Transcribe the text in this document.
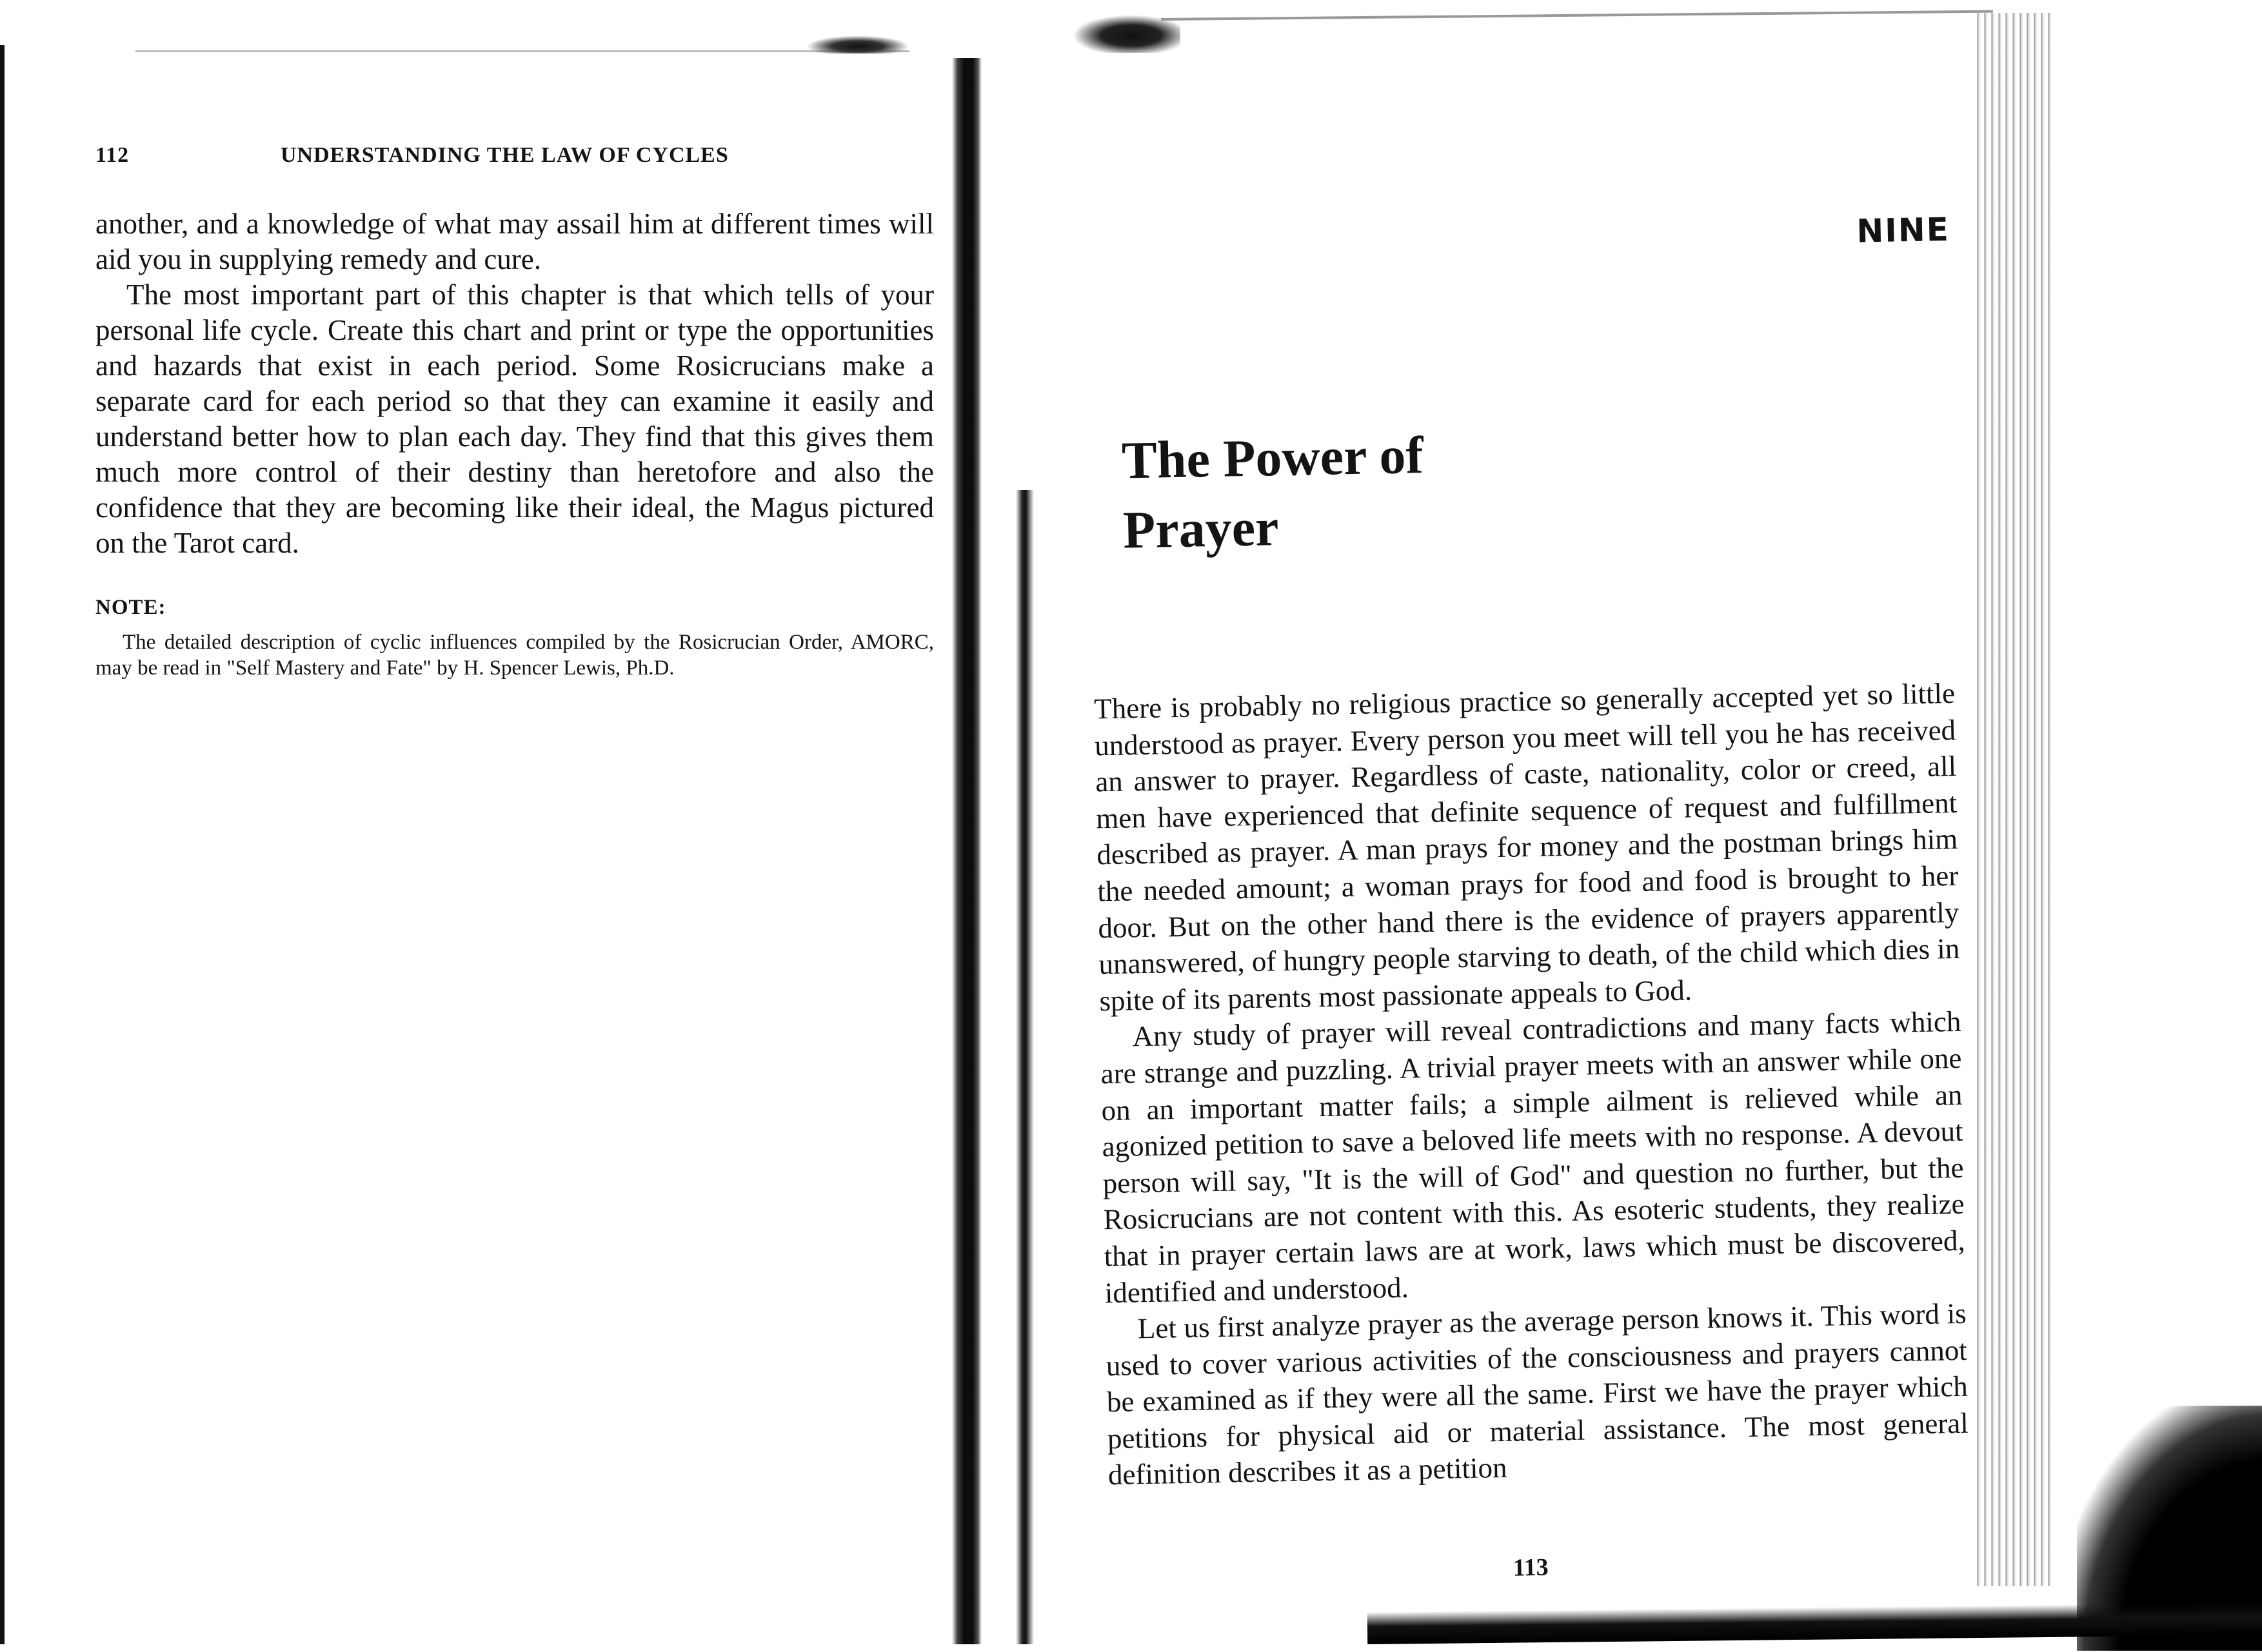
112	UNDERSTANDING THE LAW OF CYCLES

another, and a knowledge of what may assail him at different times will aid you in supplying remedy and cure.

The most important part of this chapter is that which tells of your personal life cycle. Create this chart and print or type the opportunities and hazards that exist in each period. Some Rosicrucians make a separate card for each period so that they can examine it easily and understand better how to plan each day. They find that this gives them much more control of their destiny than heretofore and also the confidence that they are becoming like their ideal, the Magus pictured on the Tarot card.

NOTE:
The detailed description of cyclic influences compiled by the Rosicrucian Order, AMORC, may be read in "Self Mastery and Fate" by H. Spencer Lewis, Ph.D.
NINE
The Power of
Prayer

There is probably no religious practice so generally accepted yet so little understood as prayer. Every person you meet will tell you he has received an answer to prayer. Regardless of caste, nationality, color or creed, all men have experienced that definite sequence of request and fulfillment described as prayer. A man prays for money and the postman brings him the needed amount; a woman prays for food and food is brought to her door. But on the other hand there is the evidence of prayers apparently unanswered, of hungry people starving to death, of the child which dies in spite of its parents most passionate appeals to God.

Any study of prayer will reveal contradictions and many facts which are strange and puzzling. A trivial prayer meets with an answer while one on an important matter fails; a simple ailment is relieved while an agonized petition to save a beloved life meets with no response. A devout person will say, "It is the will of God" and question no further, but the Rosicrucians are not content with this. As esoteric students, they realize that in prayer certain laws are at work, laws which must be discovered, identified and understood.

Let us first analyze prayer as the average person knows it. This word is used to cover various activities of the consciousness and prayers cannot be examined as if they were all the same. First we have the prayer which petitions for physical aid or material assistance. The most general definition describes it as a petition

113
